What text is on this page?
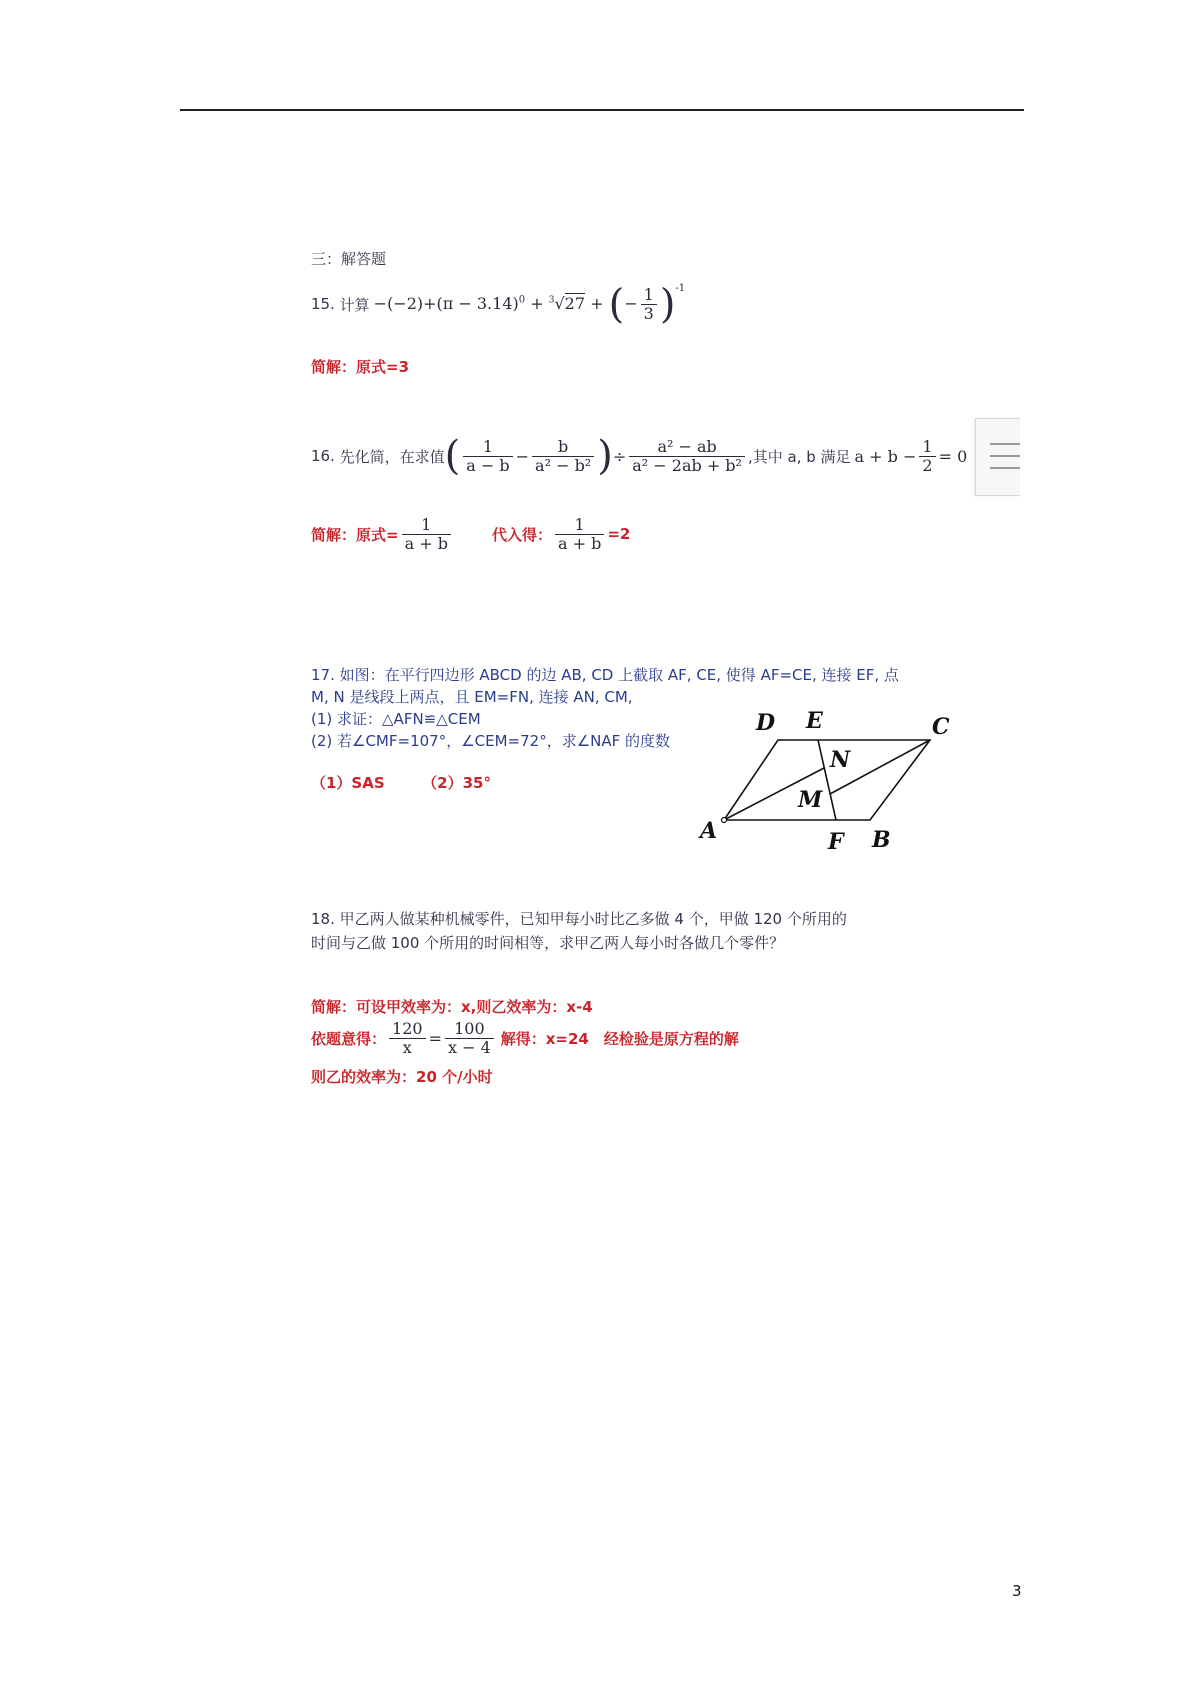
三：解答题
15.
计算 $-(-2)+(\pi - 3.14)^0 + ^3√27$ + (− $\frac{1}{3} )^{-1}$
简解：原式=3
16.
先化简，在求值 ( $\frac{1}{a - b} - \frac{b}{\text{a² − b²}}$ ) ÷ $\frac{\text{a² − ab}}{\text{a² − 2ab + b²}}$ ,其中 a, b 满足 $a + b - \frac{1}{2} = 0$
简解：原式= $\frac{1}{a + b}$	代入得： $\frac{1}{a + b} =2$
17. 如图：在平行四边形 ABCD 的边 AB, CD 上截取 AF, CE, 使得 AF=CE, 连接 EF, 点
M, N 是线段上两点，且 EM=FN, 连接 AN, CM,
(1) 求证：△AFN≌△CEM
(2) 若∠CMF=107°，∠CEM=72°，求∠NAF 的度数
（1）SAS　　　（2）35°
A	B
C
D E
F
M
N
18. 甲乙两人做某种机械零件，已知甲每小时比乙多做 4 个，甲做 120 个所用的
时间与乙做 100 个所用的时间相等，求甲乙两人每小时各做几个零件？
简解：可设甲效率为：x,则乙效率为：x-4
依题意得： $\frac{120}{x} = \frac{100}{x - 4}$ 解得：x=24　经检验是原方程的解
则乙的效率为：20 个/小时
3
